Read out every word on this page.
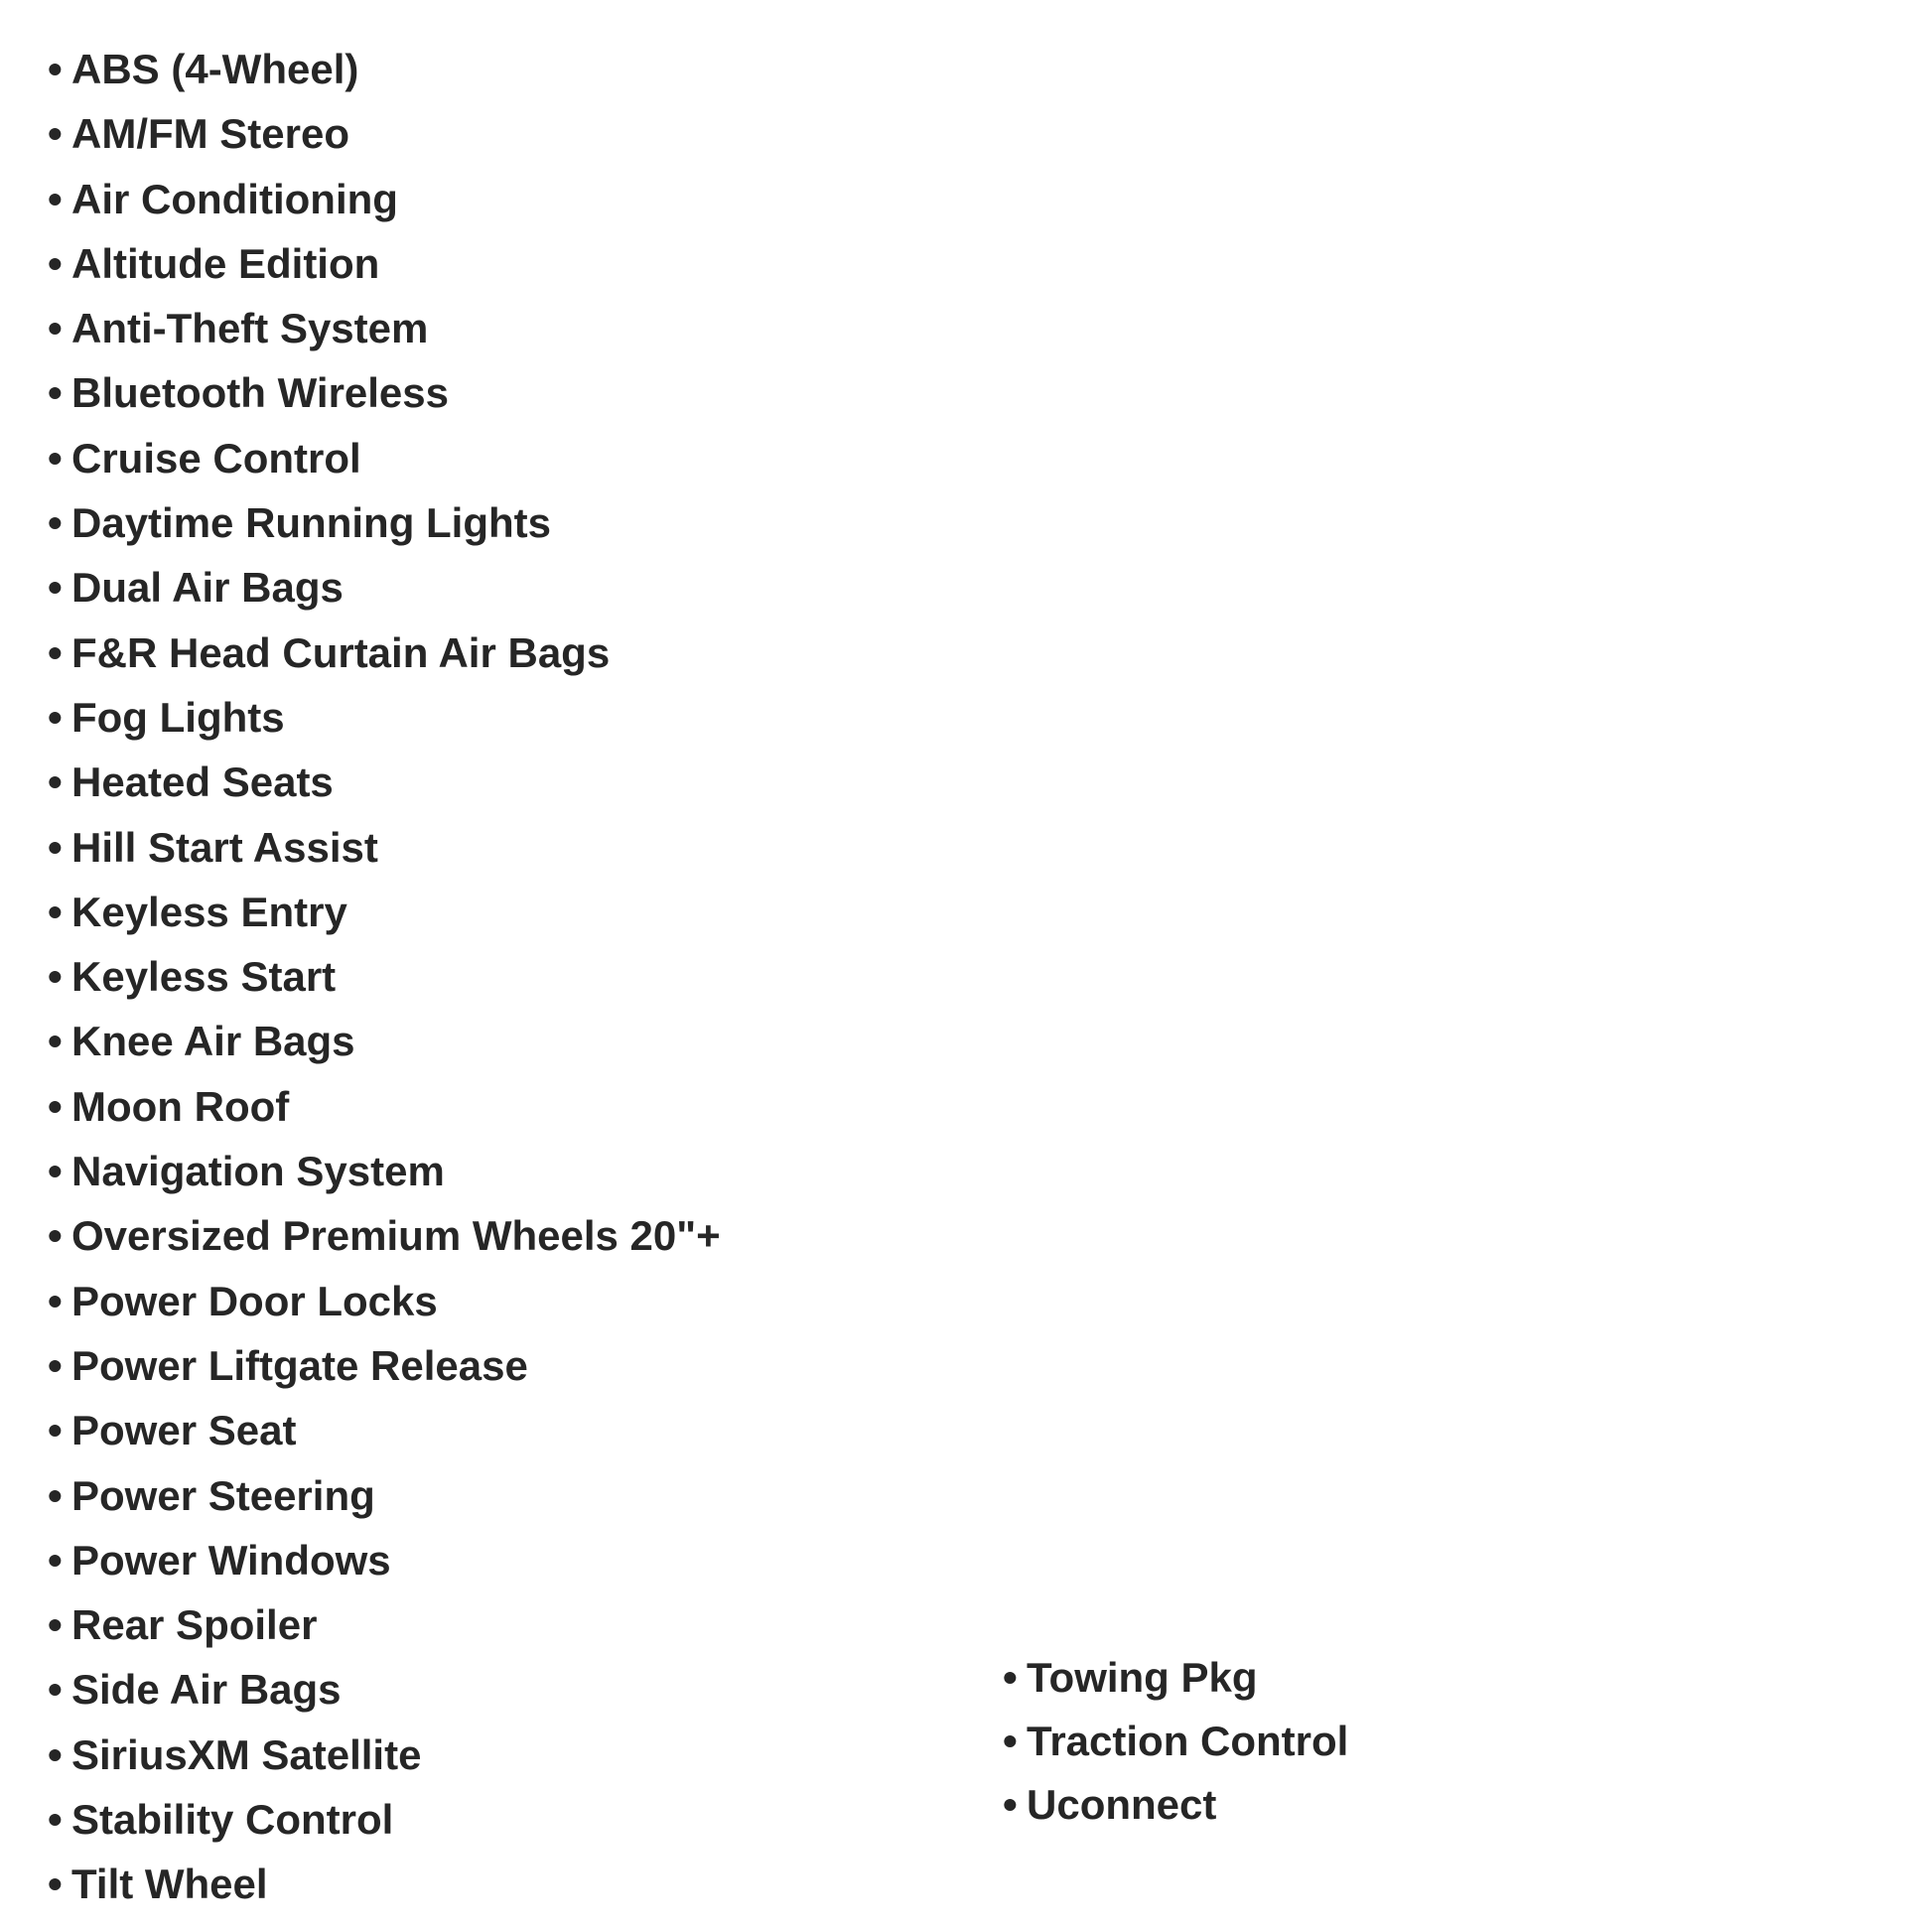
• ABS (4-Wheel)
• AM/FM Stereo
• Air Conditioning
• Altitude Edition
• Anti-Theft System
• Bluetooth Wireless
• Cruise Control
• Daytime Running Lights
• Dual Air Bags
• F&R Head Curtain Air Bags
• Fog Lights
• Heated Seats
• Hill Start Assist
• Keyless Entry
• Keyless Start
• Knee Air Bags
• Moon Roof
• Navigation System
• Oversized Premium Wheels 20"+
• Power Door Locks
• Power Liftgate Release
• Power Seat
• Power Steering
• Power Windows
• Rear Spoiler
• Side Air Bags
• SiriusXM Satellite
• Stability Control
• Tilt Wheel
• Towing Pkg
• Traction Control
• Uconnect
